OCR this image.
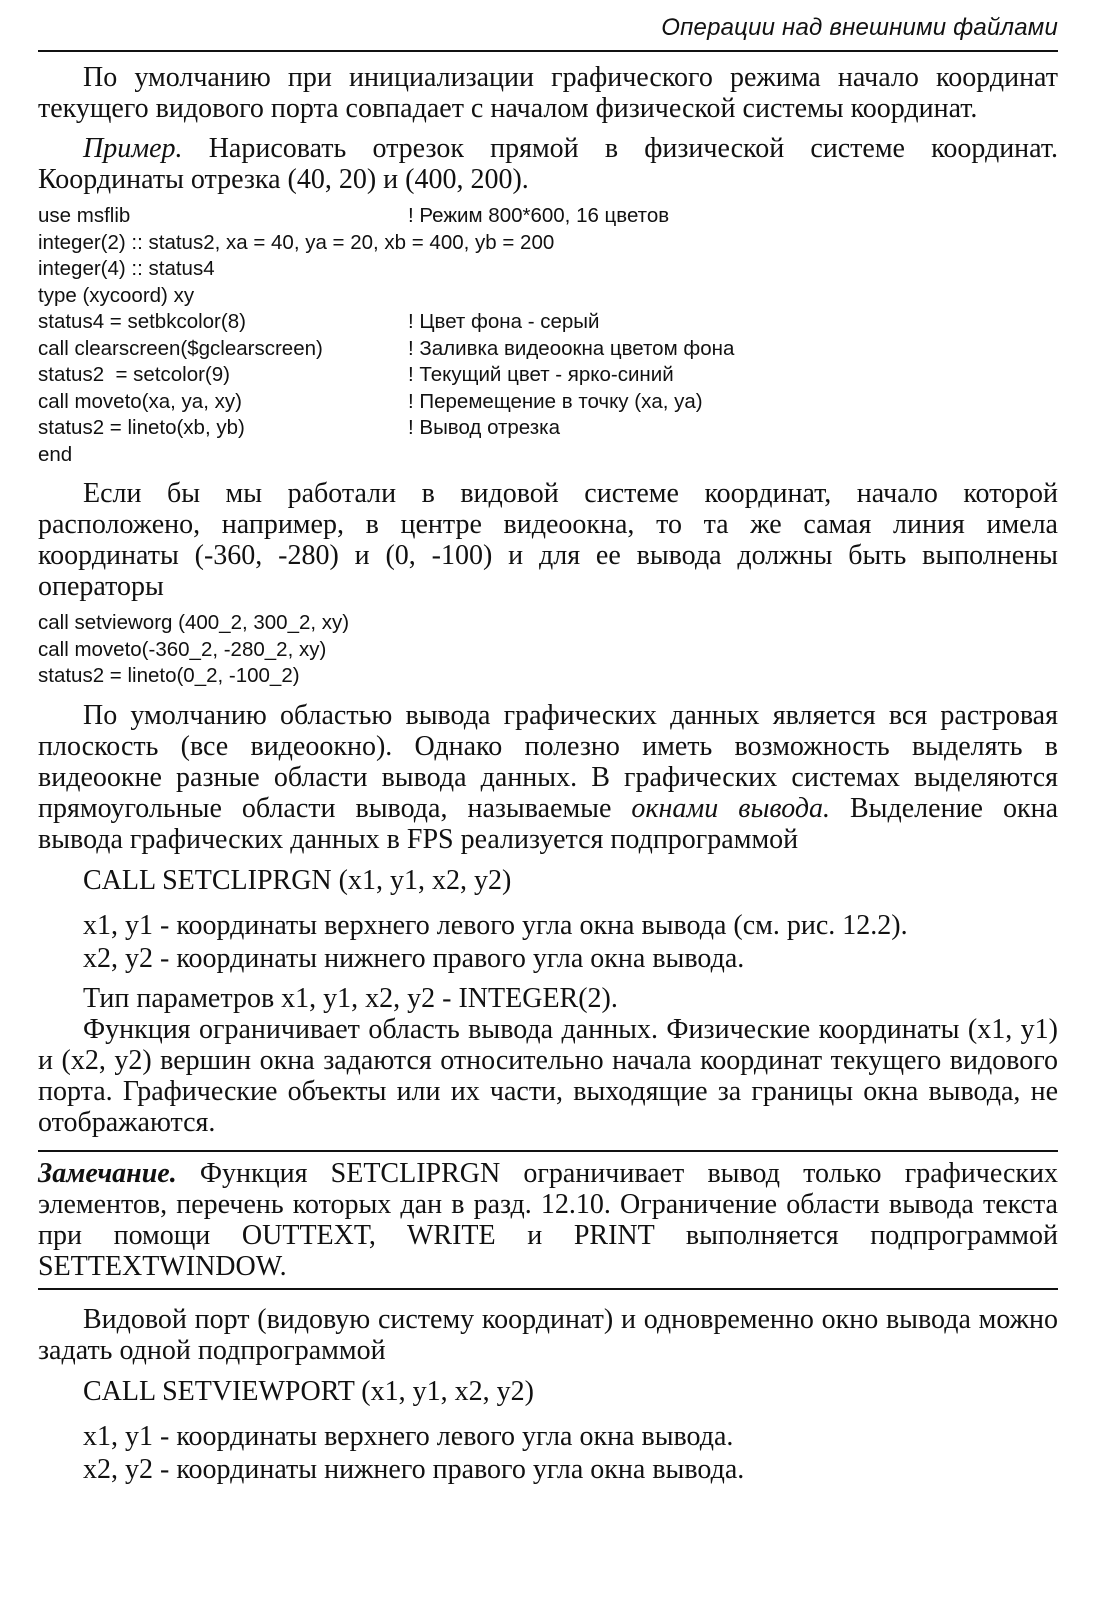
Операции над внешними файлами

По умолчанию при инициализации графического режима начало координат текущего видового порта совпадает с началом физической системы координат.

Пример. Нарисовать отрезок прямой в физической системе координат. Координаты отрезка (40, 20) и (400, 200).

use msflib	! Режим 800*600, 16 цветов
integer(2) :: status2, xa = 40, ya = 20, xb = 400, yb = 200
integer(4) :: status4
type (xycoord) xy
status4 = setbkcolor(8)	! Цвет фона - серый
call clearscreen($gclearscreen)	! Заливка видеоокна цветом фона
status2  = setcolor(9)	! Текущий цвет - ярко-синий
call moveto(xa, ya, xy)	! Перемещение в точку (xa, ya)
status2 = lineto(xb, yb)	! Вывод отрезка
end

Если бы мы работали в видовой системе координат, начало которой расположено, например, в центре видеоокна, то та же самая линия имела координаты (-360, -280) и (0, -100) и для ее вывода должны быть выполнены операторы

call setvieworg (400_2, 300_2, xy)
call moveto(-360_2, -280_2, xy)
status2 = lineto(0_2, -100_2)

По умолчанию областью вывода графических данных является вся растровая плоскость (все видеоокно). Однако полезно иметь возможность выделять в видеоокне разные области вывода данных. В графических системах выделяются прямоугольные области вывода, называемые окнами вывода. Выделение окна вывода графических данных в FPS реализуется подпрограммой

CALL SETCLIPRGN (x1, y1, x2, y2)
x1, y1 - координаты верхнего левого угла окна вывода (см. рис. 12.2).
x2, y2 - координаты нижнего правого угла окна вывода.

Тип параметров x1, y1, x2, y2 - INTEGER(2).

Функция ограничивает область вывода данных. Физические координаты (x1, y1) и (x2, y2) вершин окна задаются относительно начала координат текущего видового порта. Графические объекты или их части, выходящие за границы окна вывода, не отображаются.

Замечание. Функция SETCLIPRGN ограничивает вывод только графических элементов, перечень которых дан в разд. 12.10. Ограничение области вывода текста при помощи OUTTEXT, WRITE и PRINT выполняется подпрограммой SETTEXTWINDOW.

Видовой порт (видовую систему координат) и одновременно окно вывода можно задать одной подпрограммой

CALL SETVIEWPORT (x1, y1, x2, y2)
x1, y1 - координаты верхнего левого угла окна вывода.
x2, y2 - координаты нижнего правого угла окна вывода.
